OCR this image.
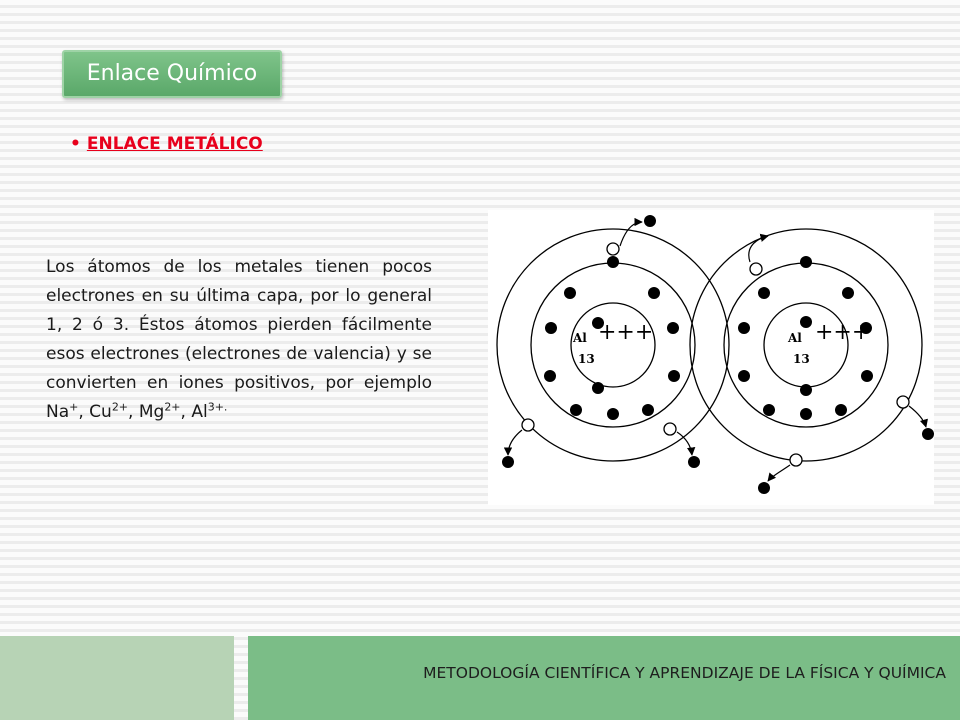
Enlace Químico
• ENLACE METÁLICO
Los átomos de los metales tienen pocos electrones en su última capa, por lo general 1, 2 ó 3. Éstos átomos pierden fácilmente esos electrones (electrones de valencia) y se convierten en iones positivos, por ejemplo Na+, $Cu^{2+}$, $Mg^{2+}$, $Al^{3+.}$
Al
13
+++	Al
13
+++
METODOLOGÍA CIENTÍFICA Y APRENDIZAJE DE LA FÍSICA Y QUÍMICA
